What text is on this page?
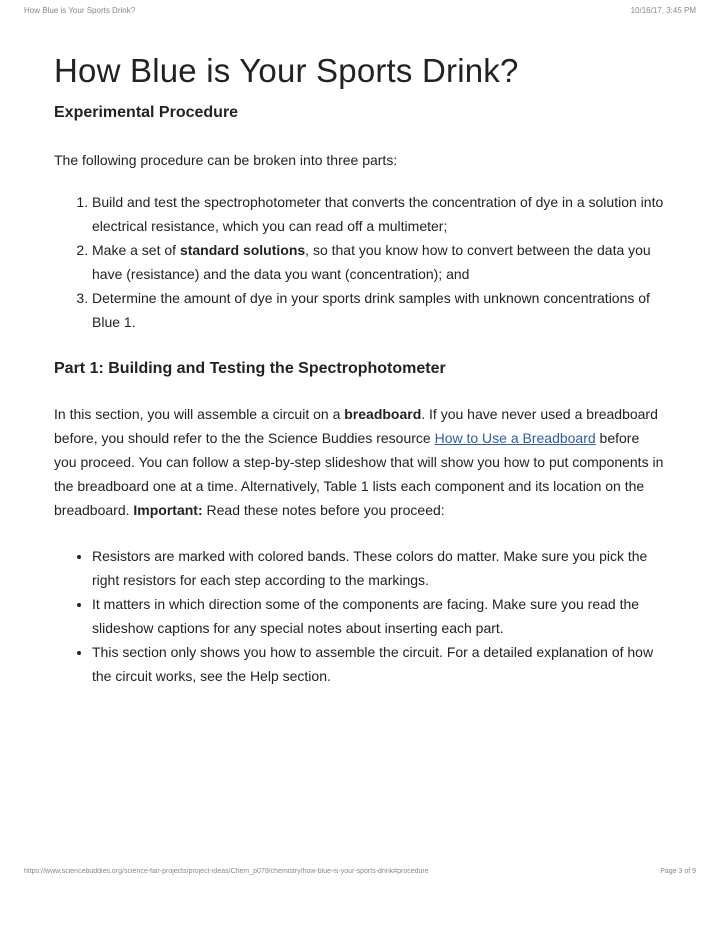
How Blue is Your Sports Drink?	10/16/17, 3:45 PM
How Blue is Your Sports Drink?
Experimental Procedure

The following procedure can be broken into three parts:

1. Build and test the spectrophotometer that converts the concentration of dye in a solution into electrical resistance, which you can read off a multimeter;
2. Make a set of standard solutions, so that you know how to convert between the data you have (resistance) and the data you want (concentration); and
3. Determine the amount of dye in your sports drink samples with unknown concentrations of Blue 1.
Part 1: Building and Testing the Spectrophotometer

In this section, you will assemble a circuit on a breadboard. If you have never used a breadboard before, you should refer to the the Science Buddies resource How to Use a Breadboard before you proceed. You can follow a step-by-step slideshow that will show you how to put components in the breadboard one at a time. Alternatively, Table 1 lists each component and its location on the breadboard. Important: Read these notes before you proceed:

• Resistors are marked with colored bands. These colors do matter. Make sure you pick the right resistors for each step according to the markings.
• It matters in which direction some of the components are facing. Make sure you read the slideshow captions for any special notes about inserting each part.
• This section only shows you how to assemble the circuit. For a detailed explanation of how the circuit works, see the Help section.
https://www.sciencebuddies.org/science-fair-projects/project-ideas/Chem_p079/chemistry/how-blue-is-your-sports-drink#procedure	Page 3 of 9
